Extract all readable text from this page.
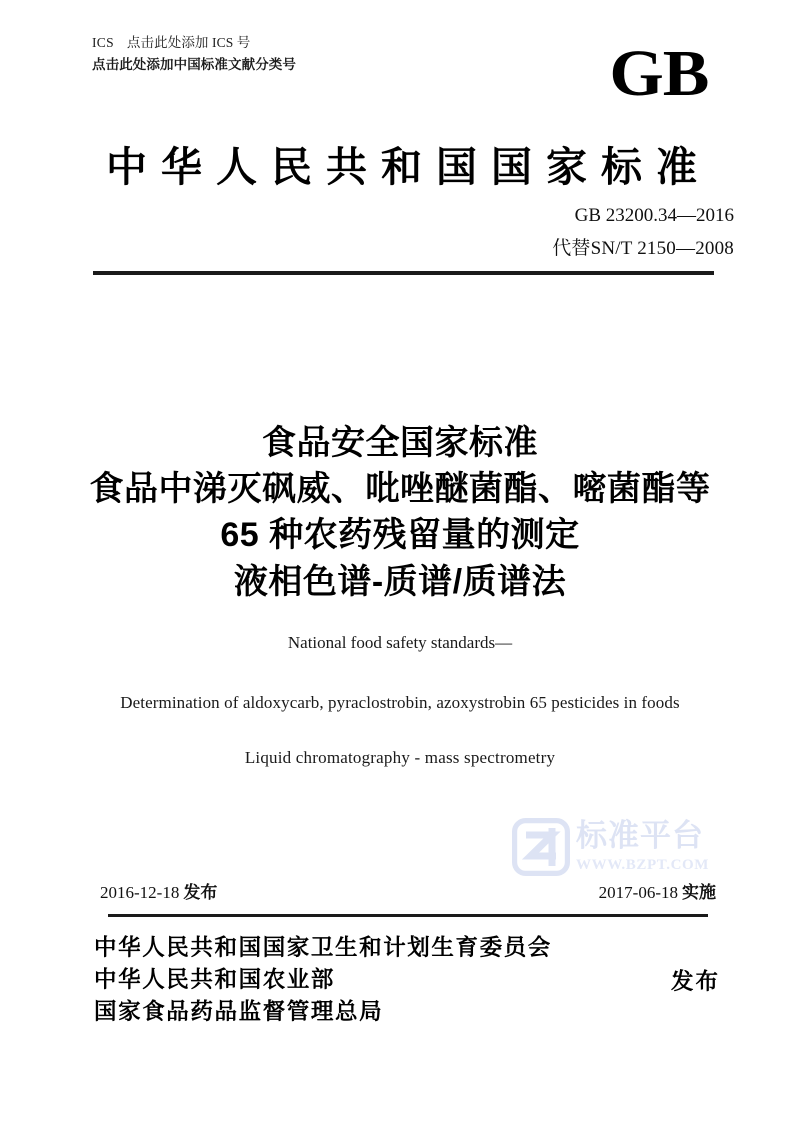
ICS 点击此处添加 ICS 号
点击此处添加中国标准文献分类号	GB
中华人民共和国国家标准
GB 23200.34—2016
代替SN/T 2150—2008
食品安全国家标准
食品中涕灭砜威、吡唑醚菌酯、嘧菌酯等
65 种农药残留量的测定
液相色谱-质谱/质谱法
National food safety standards—
Determination of aldoxycarb, pyraclostrobin, azoxystrobin 65 pesticides in foods
Liquid chromatography - mass spectrometry
标准平台
WWW.BZPT.COM
2016-12-18 发布	2017-06-18 实施
中华人民共和国国家卫生和计划生育委员会
中华人民共和国农业部
国家食品药品监督管理总局
发布
